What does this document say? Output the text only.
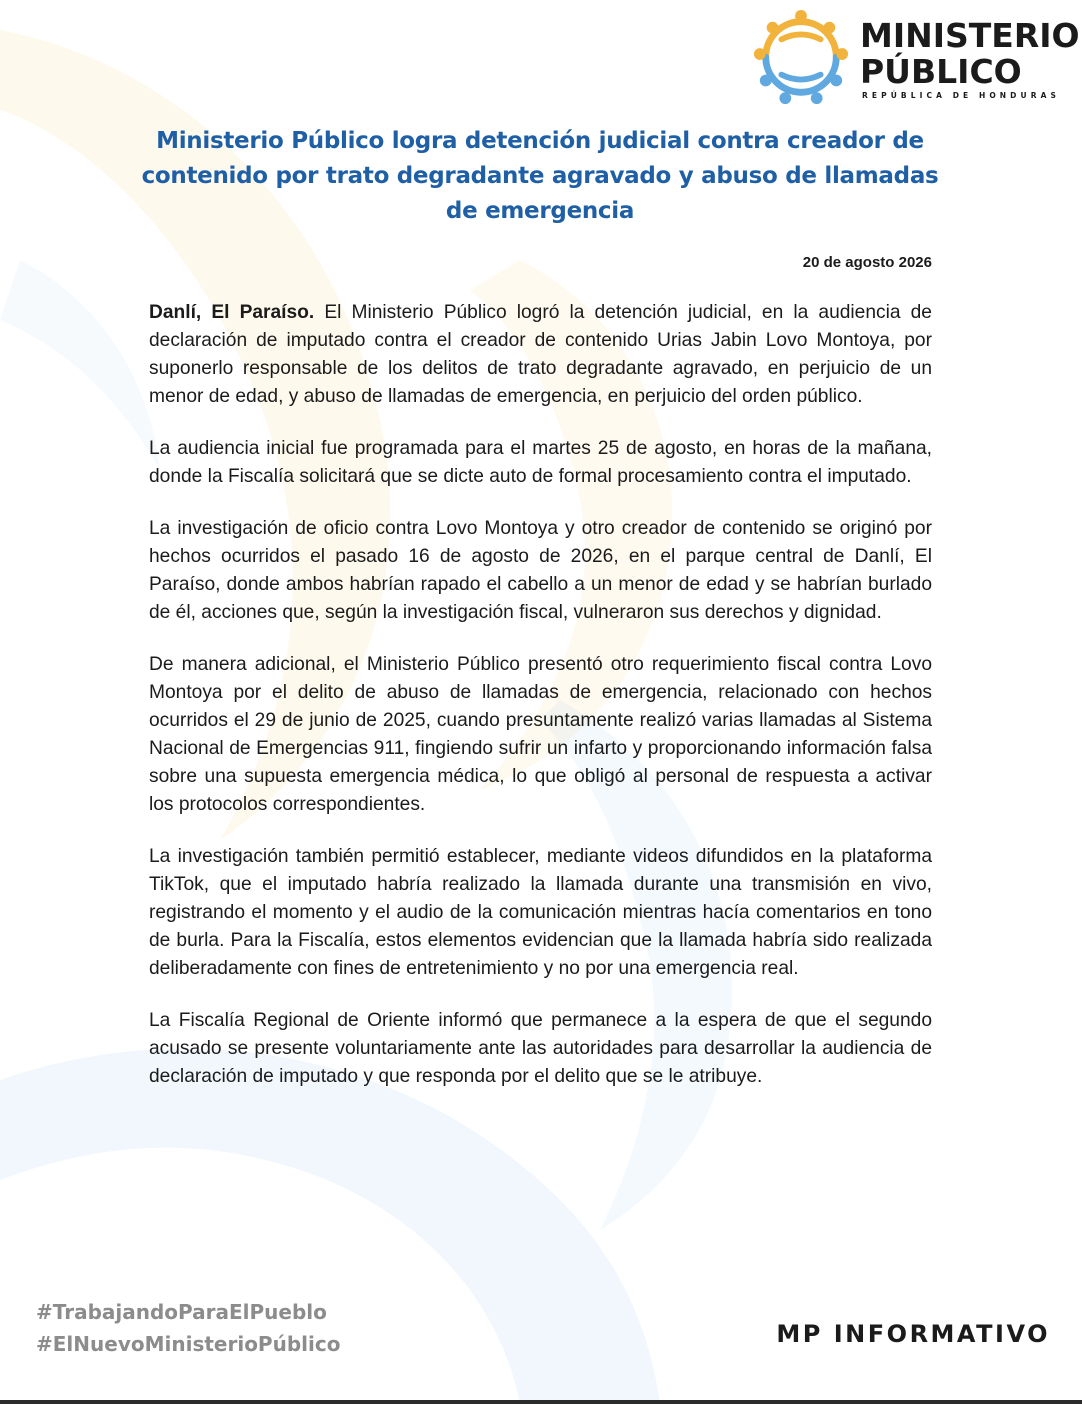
MINISTERIO
PÚBLICO
REPÚBLICA DE HONDURAS
Ministerio Público logra detención judicial contra creador de contenido por trato degradante agravado y abuso de llamadas de emergencia
20 de agosto 2026

Danlí, El Paraíso. El Ministerio Público logró la detención judicial, en la audiencia de declaración de imputado contra el creador de contenido Urias Jabin Lovo Montoya, por suponerlo responsable de los delitos de trato degradante agravado, en perjuicio de un menor de edad, y abuso de llamadas de emergencia, en perjuicio del orden público.

La audiencia inicial fue programada para el martes 25 de agosto, en horas de la mañana, donde la Fiscalía solicitará que se dicte auto de formal procesamiento contra el imputado.

La investigación de oficio contra Lovo Montoya y otro creador de contenido se originó por hechos ocurridos el pasado 16 de agosto de 2026, en el parque central de Danlí, El Paraíso, donde ambos habrían rapado el cabello a un menor de edad y se habrían burlado de él, acciones que, según la investigación fiscal, vulneraron sus derechos y dignidad.

De manera adicional, el Ministerio Público presentó otro requerimiento fiscal contra Lovo Montoya por el delito de abuso de llamadas de emergencia, relacionado con hechos ocurridos el 29 de junio de 2025, cuando presuntamente realizó varias llamadas al Sistema Nacional de Emergencias 911, fingiendo sufrir un infarto y proporcionando información falsa sobre una supuesta emergencia médica, lo que obligó al personal de respuesta a activar los protocolos correspondientes.

La investigación también permitió establecer, mediante videos difundidos en la plataforma TikTok, que el imputado habría realizado la llamada durante una transmisión en vivo, registrando el momento y el audio de la comunicación mientras hacía comentarios en tono de burla. Para la Fiscalía, estos elementos evidencian que la llamada habría sido realizada deliberadamente con fines de entretenimiento y no por una emergencia real.

La Fiscalía Regional de Oriente informó que permanece a la espera de que el segundo acusado se presente voluntariamente ante las autoridades para desarrollar la audiencia de declaración de imputado y que responda por el delito que se le atribuye.

#TrabajandoParaElPueblo
#ElNuevoMinisterioPúblico	MP INFORMATIVO
